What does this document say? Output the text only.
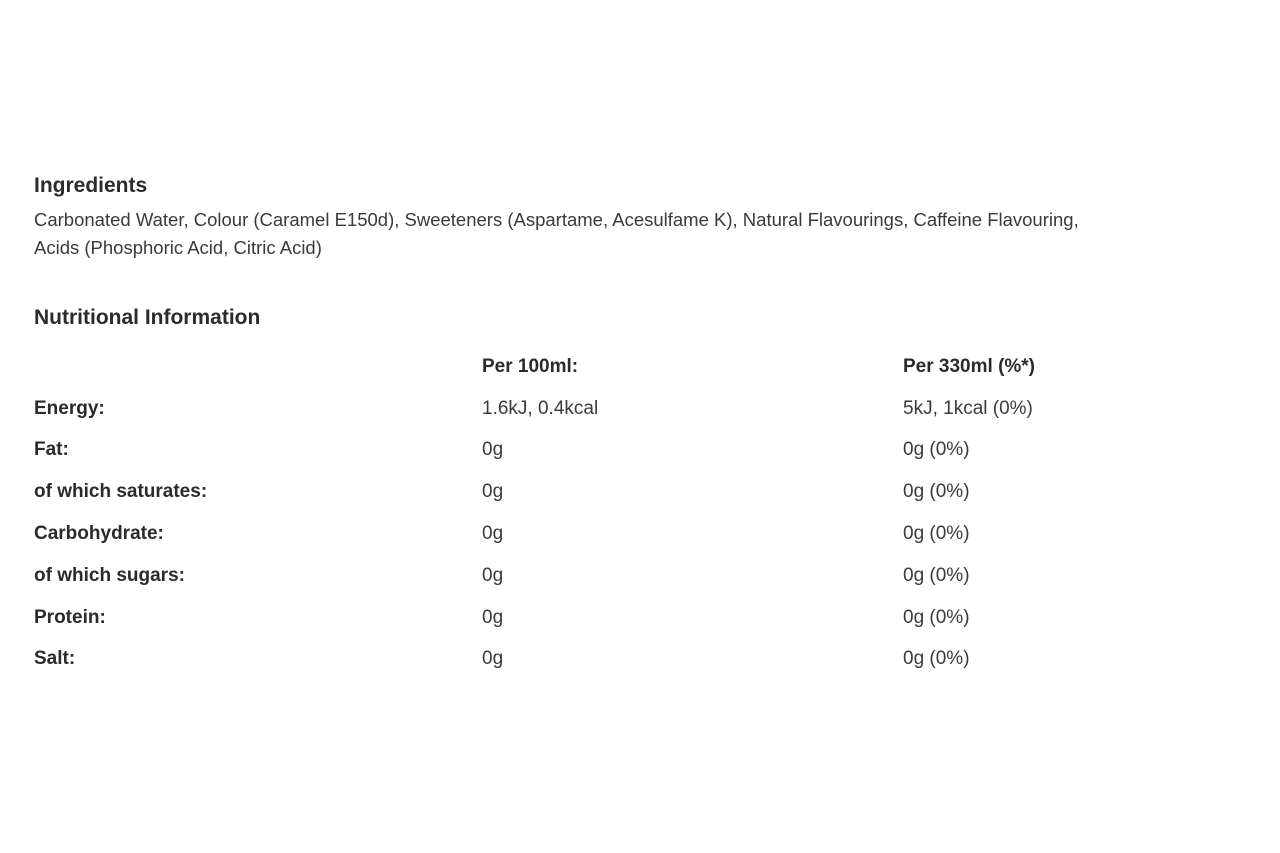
Ingredients

Carbonated Water, Colour (Caramel E150d), Sweeteners (Aspartame, Acesulfame K), Natural Flavourings, Caffeine Flavouring,
Acids (Phosphoric Acid, Citric Acid)

Nutritional Information
	Per 100ml:	Per 330ml (%*)
Energy:	1.6kJ, 0.4kcal	5kJ, 1kcal (0%)
Fat:	0g	0g (0%)
of which saturates:	0g	0g (0%)
Carbohydrate:	0g	0g (0%)
of which sugars:	0g	0g (0%)
Protein:	0g	0g (0%)
Salt:	0g	0g (0%)
